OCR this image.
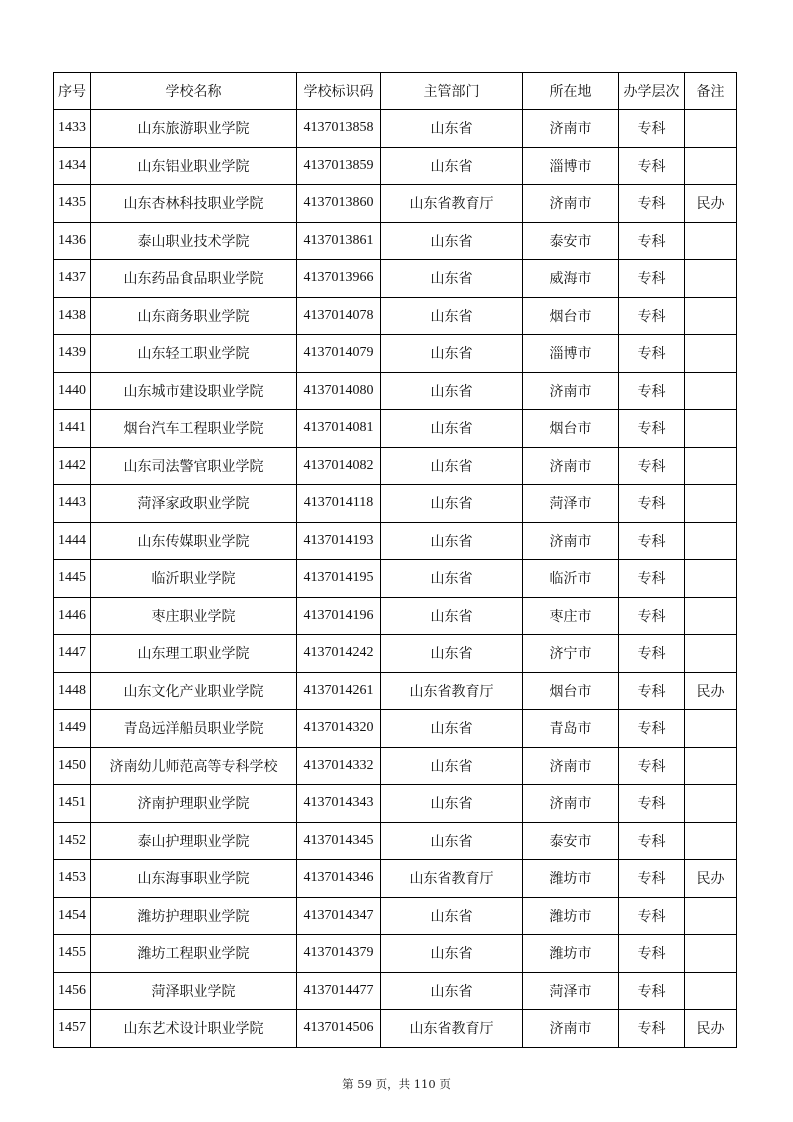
序号	学校名称	学校标识码	主管部门	所在地	办学层次	备注
1433	山东旅游职业学院	4137013858	山东省	济南市	专科	
1434	山东铝业职业学院	4137013859	山东省	淄博市	专科	
1435	山东杏林科技职业学院	4137013860	山东省教育厅	济南市	专科	民办
1436	泰山职业技术学院	4137013861	山东省	泰安市	专科	
1437	山东药品食品职业学院	4137013966	山东省	威海市	专科	
1438	山东商务职业学院	4137014078	山东省	烟台市	专科	
1439	山东轻工职业学院	4137014079	山东省	淄博市	专科	
1440	山东城市建设职业学院	4137014080	山东省	济南市	专科	
1441	烟台汽车工程职业学院	4137014081	山东省	烟台市	专科	
1442	山东司法警官职业学院	4137014082	山东省	济南市	专科	
1443	菏泽家政职业学院	4137014118	山东省	菏泽市	专科	
1444	山东传媒职业学院	4137014193	山东省	济南市	专科	
1445	临沂职业学院	4137014195	山东省	临沂市	专科	
1446	枣庄职业学院	4137014196	山东省	枣庄市	专科	
1447	山东理工职业学院	4137014242	山东省	济宁市	专科	
1448	山东文化产业职业学院	4137014261	山东省教育厅	烟台市	专科	民办
1449	青岛远洋船员职业学院	4137014320	山东省	青岛市	专科	
1450	济南幼儿师范高等专科学校	4137014332	山东省	济南市	专科	
1451	济南护理职业学院	4137014343	山东省	济南市	专科	
1452	泰山护理职业学院	4137014345	山东省	泰安市	专科	
1453	山东海事职业学院	4137014346	山东省教育厅	潍坊市	专科	民办
1454	潍坊护理职业学院	4137014347	山东省	潍坊市	专科	
1455	潍坊工程职业学院	4137014379	山东省	潍坊市	专科	
1456	菏泽职业学院	4137014477	山东省	菏泽市	专科	
1457	山东艺术设计职业学院	4137014506	山东省教育厅	济南市	专科	民办
第 59 页，共 110 页
